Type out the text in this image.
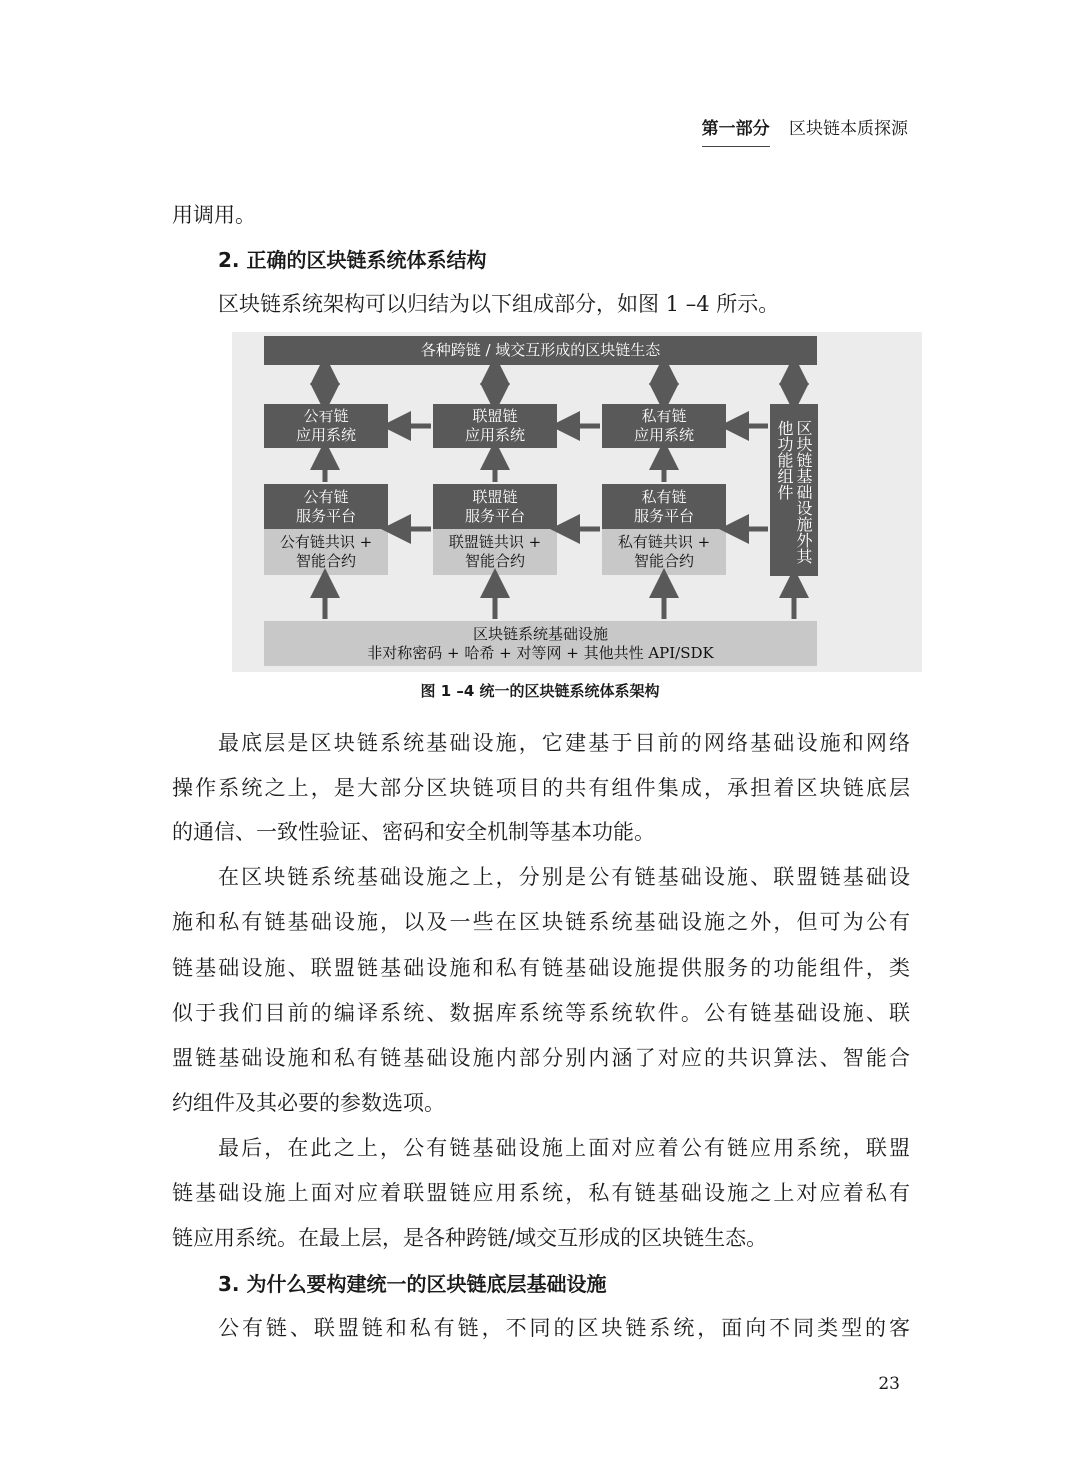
第一部分 区块链本质探源
用调用。
2. 正确的区块链系统体系结构
区块链系统架构可以归结为以下组成部分，如图 1 –4 所示。
各种跨链 / 域交互形成的区块链生态
公有链
应用系统
联盟链
应用系统
私有链
应用系统
公有链
服务平台
公有链共识 +
智能合约
联盟链
服务平台
联盟链共识 +
智能合约
私有链
服务平台
私有链共识 +
智能合约	区块链基础设施外其他功能组件
区块链系统基础设施
非对称密码 + 哈希 + 对等网 + 其他共性 API/SDK
图 1 –4 统一的区块链系统体系架构
最底层是区块链系统基础设施，它建基于目前的网络基础设施和网络
操作系统之上，是大部分区块链项目的共有组件集成，承担着区块链底层
的通信、一致性验证、密码和安全机制等基本功能。
在区块链系统基础设施之上，分别是公有链基础设施、联盟链基础设
施和私有链基础设施，以及一些在区块链系统基础设施之外，但可为公有
链基础设施、联盟链基础设施和私有链基础设施提供服务的功能组件，类
似于我们目前的编译系统、数据库系统等系统软件。公有链基础设施、联
盟链基础设施和私有链基础设施内部分别内涵了对应的共识算法、智能合
约组件及其必要的参数选项。
最后，在此之上，公有链基础设施上面对应着公有链应用系统，联盟
链基础设施上面对应着联盟链应用系统，私有链基础设施之上对应着私有
链应用系统。在最上层，是各种跨链/域交互形成的区块链生态。
3. 为什么要构建统一的区块链底层基础设施
公有链、联盟链和私有链，不同的区块链系统，面向不同类型的客
23
